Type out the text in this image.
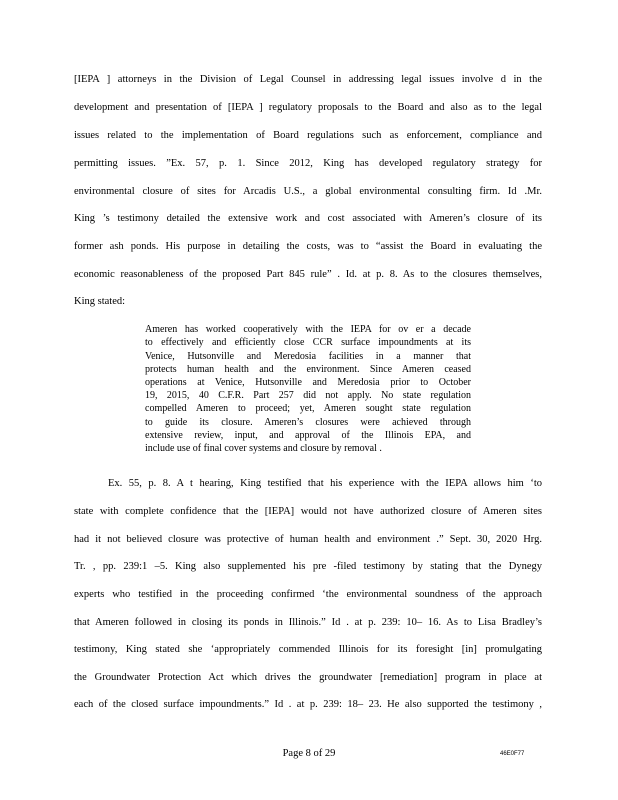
[IEPA ] attorneys in the Division of Legal Counsel in addressing legal issues involve d in the
development and presentation of [IEPA ] regulatory proposals to the Board and also as to the legal
issues related to the implementation of Board regulations such as enforcement, compliance and
permitting issues. ”Ex. 57, p. 1. Since 2012, King has developed regulatory strategy for
environmental closure of sites for Arcadis U.S., a global environmental consulting firm. Id .Mr.
King ’s testimony detailed the extensive work and cost associated with Ameren’s closure of its
former ash ponds. His purpose in detailing the costs, was to “assist the Board in evaluating the
economic reasonableness of the proposed Part 845 rule” . Id. at p. 8. As to the closures themselves,
King stated:
Ameren has worked cooperatively with the IEPA for ov er a decade
to effectively and efficiently close CCR surface impoundments at its
Venice, Hutsonville and Meredosia facilities in a manner that
protects human health and the environment. Since Ameren ceased
operations at Venice, Hutsonville and Meredosia prior to October
19, 2015, 40 C.F.R. Part 257 did not apply. No state regulation
compelled Ameren to proceed; yet, Ameren sought state regulation
to guide its closure. Ameren’s closures were achieved through
extensive review, input, and approval of the Illinois EPA, and
include use of final cover systems and closure by removal .
Ex. 55, p. 8. A t hearing, King testified that his experience with the IEPA allows him ‘to
state with complete confidence that the [IEPA] would not have authorized closure of Ameren sites
had it not believed closure was protective of human health and environment .” Sept. 30, 2020 Hrg.
Tr. , pp. 239:1 –5. King also supplemented his pre -filed testimony by stating that the Dynegy
experts who testified in the proceeding confirmed ‘the environmental soundness of the approach
that Ameren followed in closing its ponds in Illinois.” Id . at p. 239: 10– 16. As to Lisa Bradley’s
testimony, King stated she ‘appropriately commended Illinois for its foresight [in] promulgating
the Groundwater Protection Act which drives the groundwater [remediation] program in place at
each of the closed surface impoundments.” Id . at p. 239: 18– 23. He also supported the testimony ,
Page 8 of 29	46E0F77
